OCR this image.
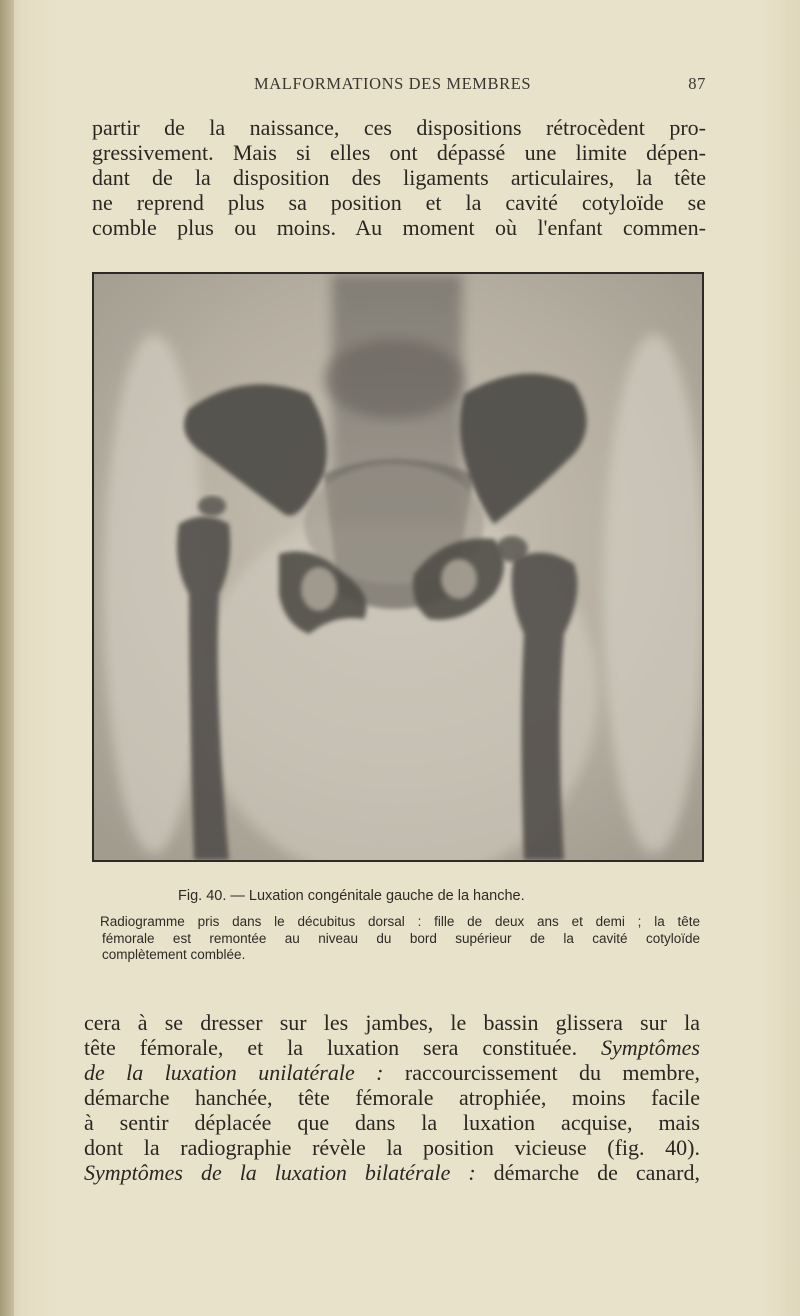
MALFORMATIONS DES MEMBRES	87
partir de la naissance, ces dispositions rétrocèdent pro-
gressivement. Mais si elles ont dépassé une limite dépen-
dant de la disposition des ligaments articulaires, la tête
ne reprend plus sa position et la cavité cotyloïde se
comble plus ou moins. Au moment où l'enfant commen-
Fig. 40. — Luxation congénitale gauche de la hanche.
Radiogramme pris dans le décubitus dorsal : fille de deux ans et demi ; la tête
fémorale est remontée au niveau du bord supérieur de la cavité cotyloïde
complètement comblée.
cera à se dresser sur les jambes, le bassin glissera sur la
tête fémorale, et la luxation sera constituée. Symptômes
de la luxation unilatérale : raccourcissement du membre,
démarche hanchée, tête fémorale atrophiée, moins facile
à sentir déplacée que dans la luxation acquise, mais
dont la radiographie révèle la position vicieuse (fig. 40).
Symptômes de la luxation bilatérale : démarche de canard,
